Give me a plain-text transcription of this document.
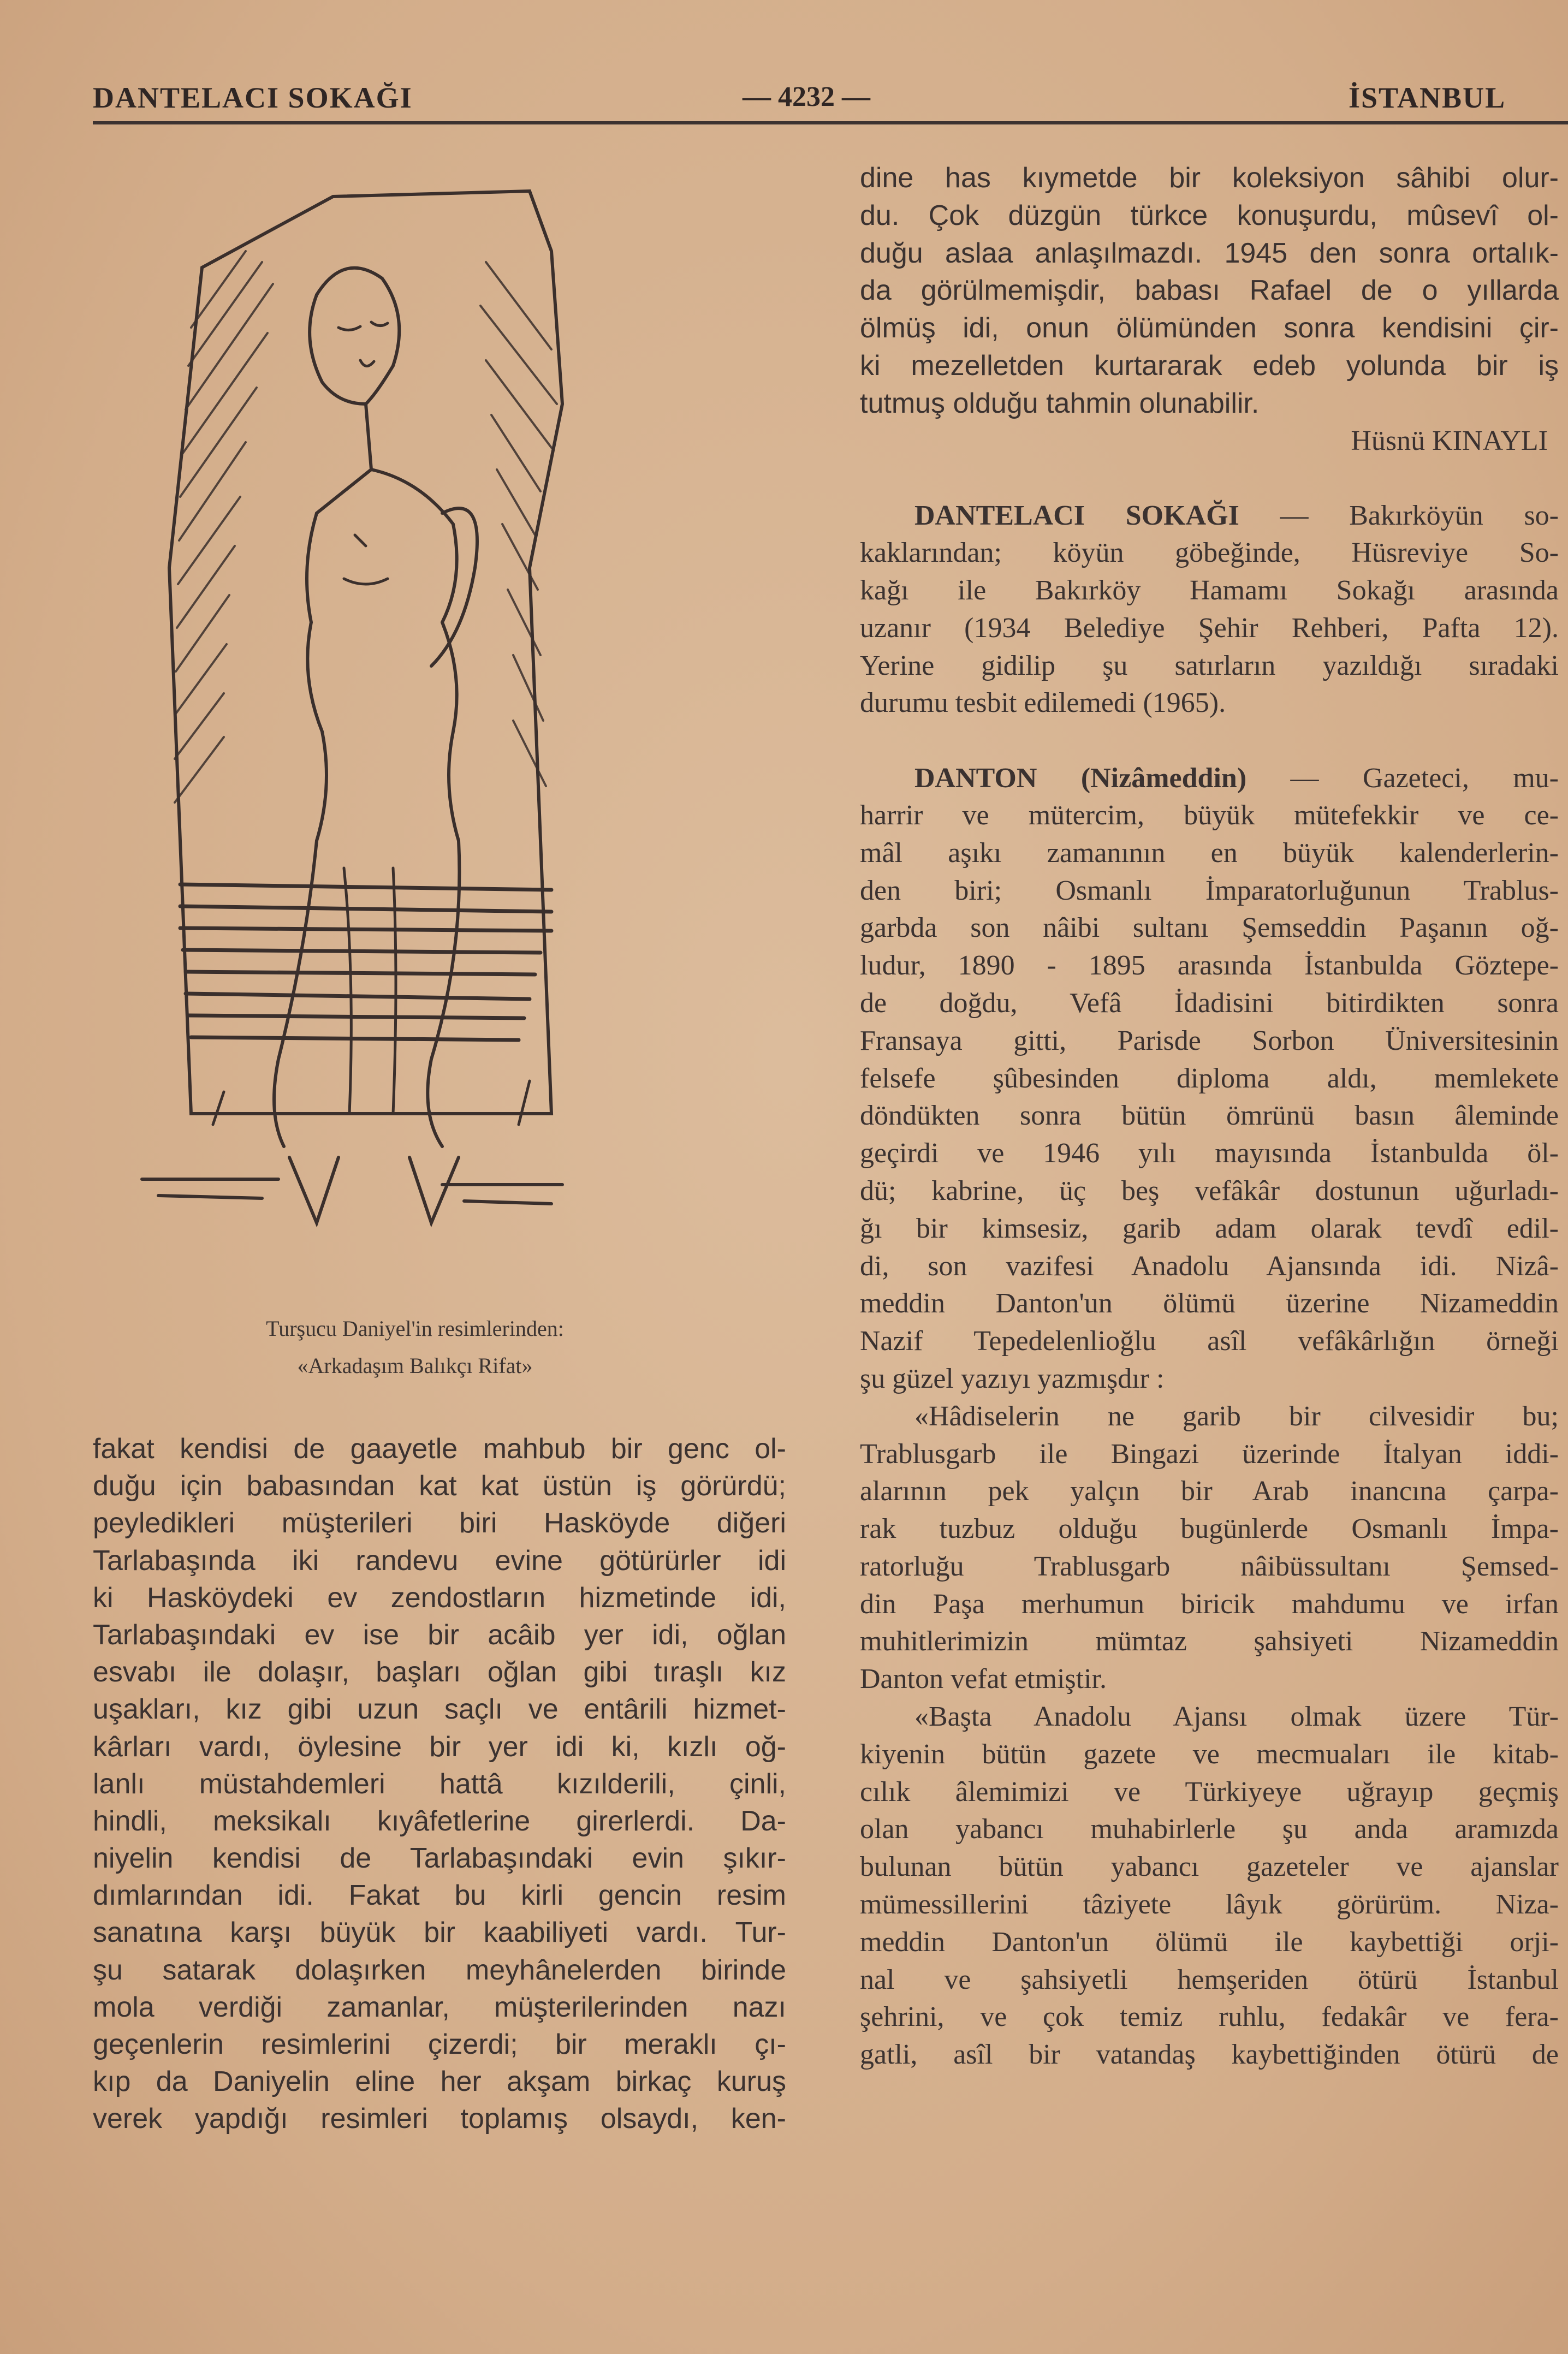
DANTELACI SOKAĞI	— 4232 —	İSTANBUL
Turşucu Daniyel'in resimlerinden:
«Arkadaşım Balıkçı Rifat»
fakat kendisi de gaayetle mahbub bir genc ol-
duğu için babasından kat kat üstün iş görürdü;
peyledikleri müşterileri biri Hasköyde diğeri
Tarlabaşında iki randevu evine götürürler idi
ki Hasköydeki ev zendostların hizmetinde idi,
Tarlabaşındaki ev ise bir acâib yer idi, oğlan
esvabı ile dolaşır, başları oğlan gibi tıraşlı kız
uşakları, kız gibi uzun saçlı ve entârili hizmet-
kârları vardı, öylesine bir yer idi ki, kızlı oğ-
lanlı müstahdemleri hattâ kızılderili, çinli,
hindli, meksikalı kıyâfetlerine girerlerdi. Da-
niyelin kendisi de Tarlabaşındaki evin şıkır-
dımlarından idi. Fakat bu kirli gencin resim
sanatına karşı büyük bir kaabiliyeti vardı. Tur-
şu satarak dolaşırken meyhânelerden birinde
mola verdiği zamanlar, müşterilerinden nazı
geçenlerin resimlerini çizerdi; bir meraklı çı-
kıp da Daniyelin eline her akşam birkaç kuruş
verek yapdığı resimleri toplamış olsaydı, ken-
dine has kıymetde bir koleksiyon sâhibi olur-
du. Çok düzgün türkce konuşurdu, mûsevî ol-
duğu aslaa anlaşılmazdı. 1945 den sonra ortalık-
da görülmemişdir, babası Rafael de o yıllarda
ölmüş idi, onun ölümünden sonra kendisini çir-
ki mezelletden kurtararak edeb yolunda bir iş
tutmuş olduğu tahmin olunabilir.
Hüsnü KINAYLI
DANTELACI SOKAĞI — Bakırköyün so-
kaklarından; köyün göbeğinde, Hüsreviye So-
kağı ile Bakırköy Hamamı Sokağı arasında
uzanır (1934 Belediye Şehir Rehberi, Pafta 12).
Yerine gidilip şu satırların yazıldığı sıradaki
durumu tesbit edilemedi (1965).
DANTON (Nizâmeddin) — Gazeteci, mu-
harrir ve mütercim, büyük mütefekkir ve ce-
mâl aşıkı zamanının en büyük kalenderlerin-
den biri; Osmanlı İmparatorluğunun Trablus-
garbda son nâibi sultanı Şemseddin Paşanın oğ-
ludur, 1890 - 1895 arasında İstanbulda Göztepe-
de doğdu, Vefâ İdadisini bitirdikten sonra
Fransaya gitti, Parisde Sorbon Üniversitesinin
felsefe şûbesinden diploma aldı, memlekete
döndükten sonra bütün ömrünü basın âleminde
geçirdi ve 1946 yılı mayısında İstanbulda öl-
dü; kabrine, üç beş vefâkâr dostunun uğurladı-
ğı bir kimsesiz, garib adam olarak tevdî edil-
di, son vazifesi Anadolu Ajansında idi. Nizâ-
meddin Danton'un ölümü üzerine Nizameddin
Nazif Tepedelenlioğlu asîl vefâkârlığın örneği
şu güzel yazıyı yazmışdır :
«Hâdiselerin ne garib bir cilvesidir bu;
Trablusgarb ile Bingazi üzerinde İtalyan iddi-
alarının pek yalçın bir Arab inancına çarpa-
rak tuzbuz olduğu bugünlerde Osmanlı İmpa-
ratorluğu Trablusgarb nâibüssultanı Şemsed-
din Paşa merhumun biricik mahdumu ve irfan
muhitlerimizin mümtaz şahsiyeti Nizameddin
Danton vefat etmiştir.
«Başta Anadolu Ajansı olmak üzere Tür-
kiyenin bütün gazete ve mecmuaları ile kitab-
cılık âlemimizi ve Türkiyeye uğrayıp geçmiş
olan yabancı muhabirlerle şu anda aramızda
bulunan bütün yabancı gazeteler ve ajanslar
mümessillerini tâziyete lâyık görürüm. Niza-
meddin Danton'un ölümü ile kaybettiği orji-
nal ve şahsiyetli hemşeriden ötürü İstanbul
şehrini, ve çok temiz ruhlu, fedakâr ve fera-
gatli, asîl bir vatandaş kaybettiğinden ötürü de
